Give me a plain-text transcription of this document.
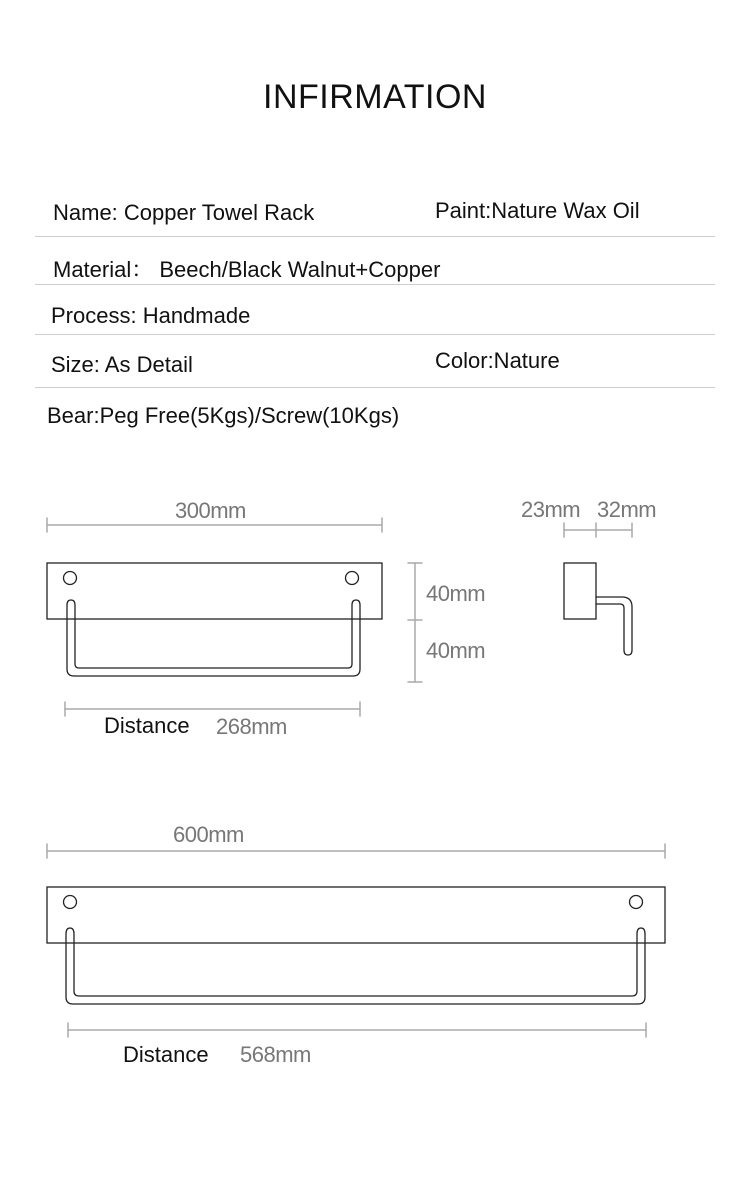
INFIRMATION
Name: Copper Towel Rack	Paint:Nature Wax Oil
Material： Beech/Black Walnut+Copper
Process: Handmade
Size: As Detail	Color:Nature
Bear:Peg Free(5Kgs)/Screw(10Kgs)
300mm
40mm
40mm
Distance 268mm
23mm 32mm
600mm
Distance 568mm
